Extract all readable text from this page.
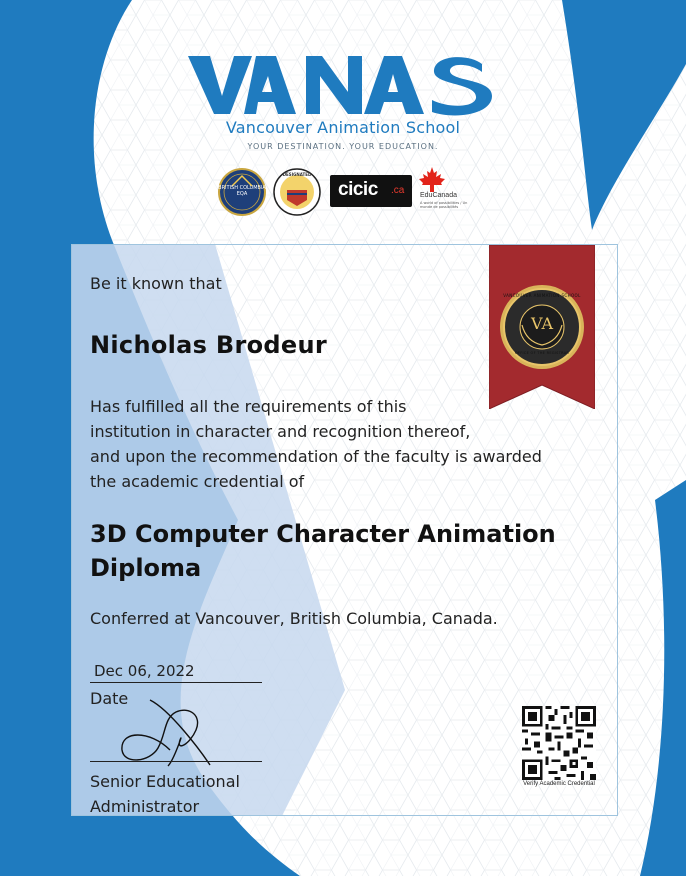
Vancouver Animation School
YOUR DESTINATION. YOUR EDUCATION.
BRITISH COLUMBIA EQA
DESIGNATED
cicic .ca EduCanada
A world of possibilities / Un monde de possibilités
VANCOUVER ANIMATION SCHOOL
VA
OFFICE OF THE REGISTRAR
Be it known that
Nicholas Brodeur
Has fulfilled all the requirements of this
institution in character and recognition thereof,
and upon the recommendation of the faculty is awarded
the academic credential of
3D Computer Character Animation
Diploma
Conferred at Vancouver, British Columbia, Canada.
Dec 06, 2022
Date
Senior Educational
Administrator
Verify Academic Credential
